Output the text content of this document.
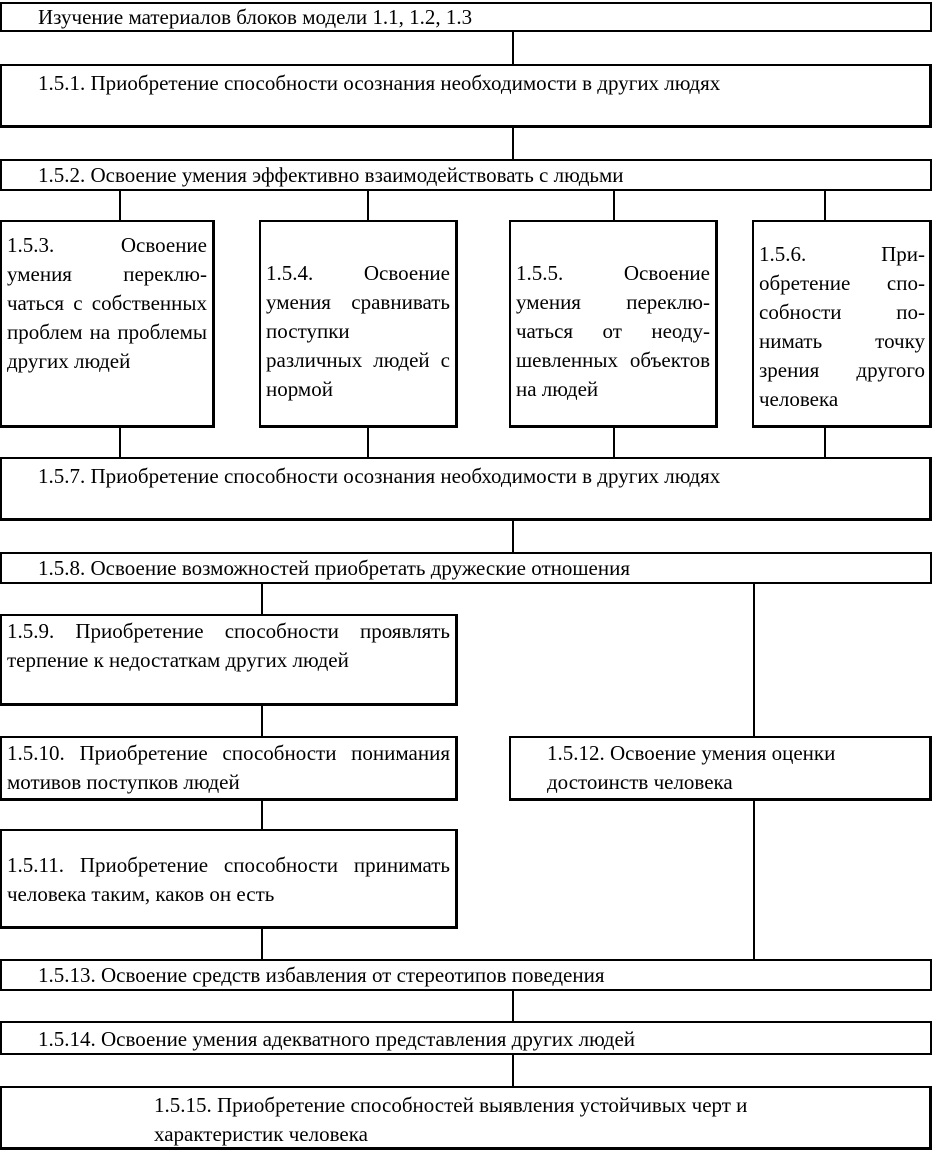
Изучение материалов блоков модели 1.1, 1.2, 1.3
1.5.1. Приобретение способности осознания необходимости в других людях
1.5.2. Освоение умения эффективно взаимодействовать с людьми
1.5.3. Освоение умения переключаться с собственных проблем на проблемы других людей
1.5.4. Освоение умения сравнивать поступки различных людей с нормой
1.5.5. Освоение умения переключаться от неодушевленных объектов на людей
1.5.6. Приобретение способности понимать точку зрения другого человека
1.5.7. Приобретение способности осознания необходимости в других людях
1.5.8. Освоение возможностей приобретать дружеские отношения
1.5.9. Приобретение способности проявлять терпение к недостаткам других людей
1.5.10. Приобретение способности понимания мотивов поступков людей
1.5.11. Приобретение способности принимать человека таким, каков он есть
1.5.12. Освоение умения оценки достоинств человека
1.5.13. Освоение средств избавления от стереотипов поведения
1.5.14. Освоение умения адекватного представления других людей
1.5.15. Приобретение способностей выявления устойчивых черт и характеристик человека
